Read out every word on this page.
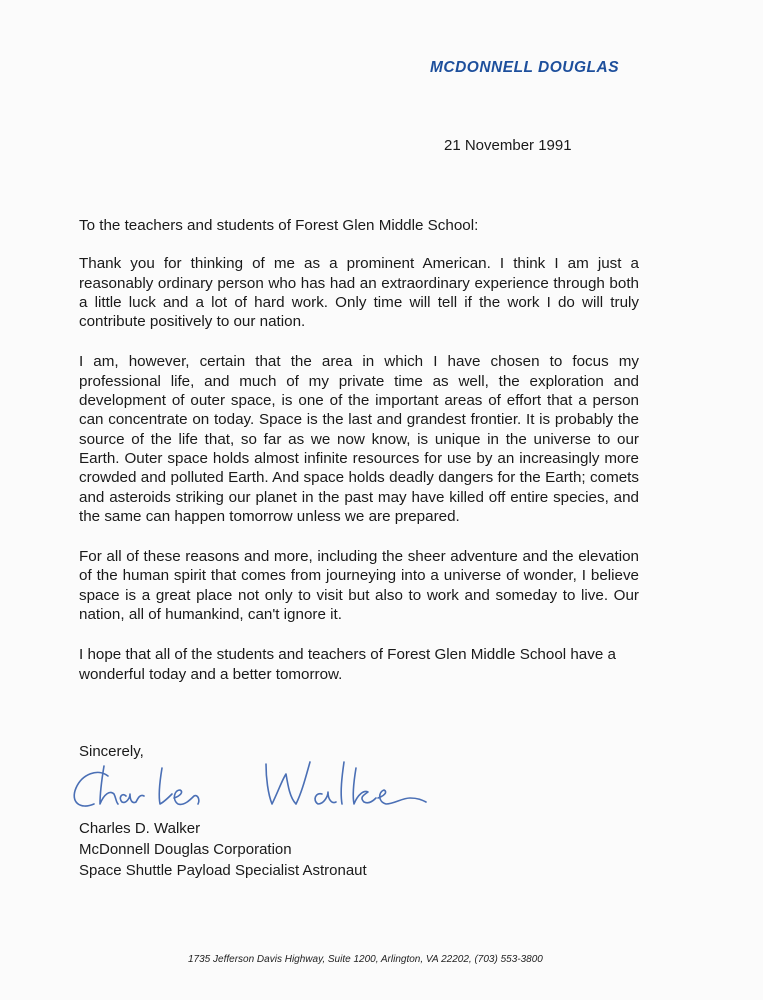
MCDONNELL DOUGLAS
21 November 1991

To the teachers and students of Forest Glen Middle School:

Thank you for thinking of me as a prominent American. I think I am just a reasonably ordinary person who has had an extraordinary experience through both a little luck and a lot of hard work. Only time will tell if the work I do will truly contribute positively to our nation.

I am, however, certain that the area in which I have chosen to focus my professional life, and much of my private time as well, the exploration and development of outer space, is one of the important areas of effort that a person can concentrate on today. Space is the last and grandest frontier. It is probably the source of the life that, so far as we now know, is unique in the universe to our Earth. Outer space holds almost infinite resources for use by an increasingly more crowded and polluted Earth. And space holds deadly dangers for the Earth; comets and asteroids striking our planet in the past may have killed off entire species, and the same can happen tomorrow unless we are prepared.

For all of these reasons and more, including the sheer adventure and the elevation of the human spirit that comes from journeying into a universe of wonder, I believe space is a great place not only to visit but also to work and someday to live. Our nation, all of humankind, can't ignore it.

I hope that all of the students and teachers of Forest Glen Middle School have a wonderful today and a better tomorrow.

Sincerely,
Charles D. Walker
McDonnell Douglas Corporation
Space Shuttle Payload Specialist Astronaut
1735 Jefferson Davis Highway, Suite 1200, Arlington, VA 22202, (703) 553-3800
